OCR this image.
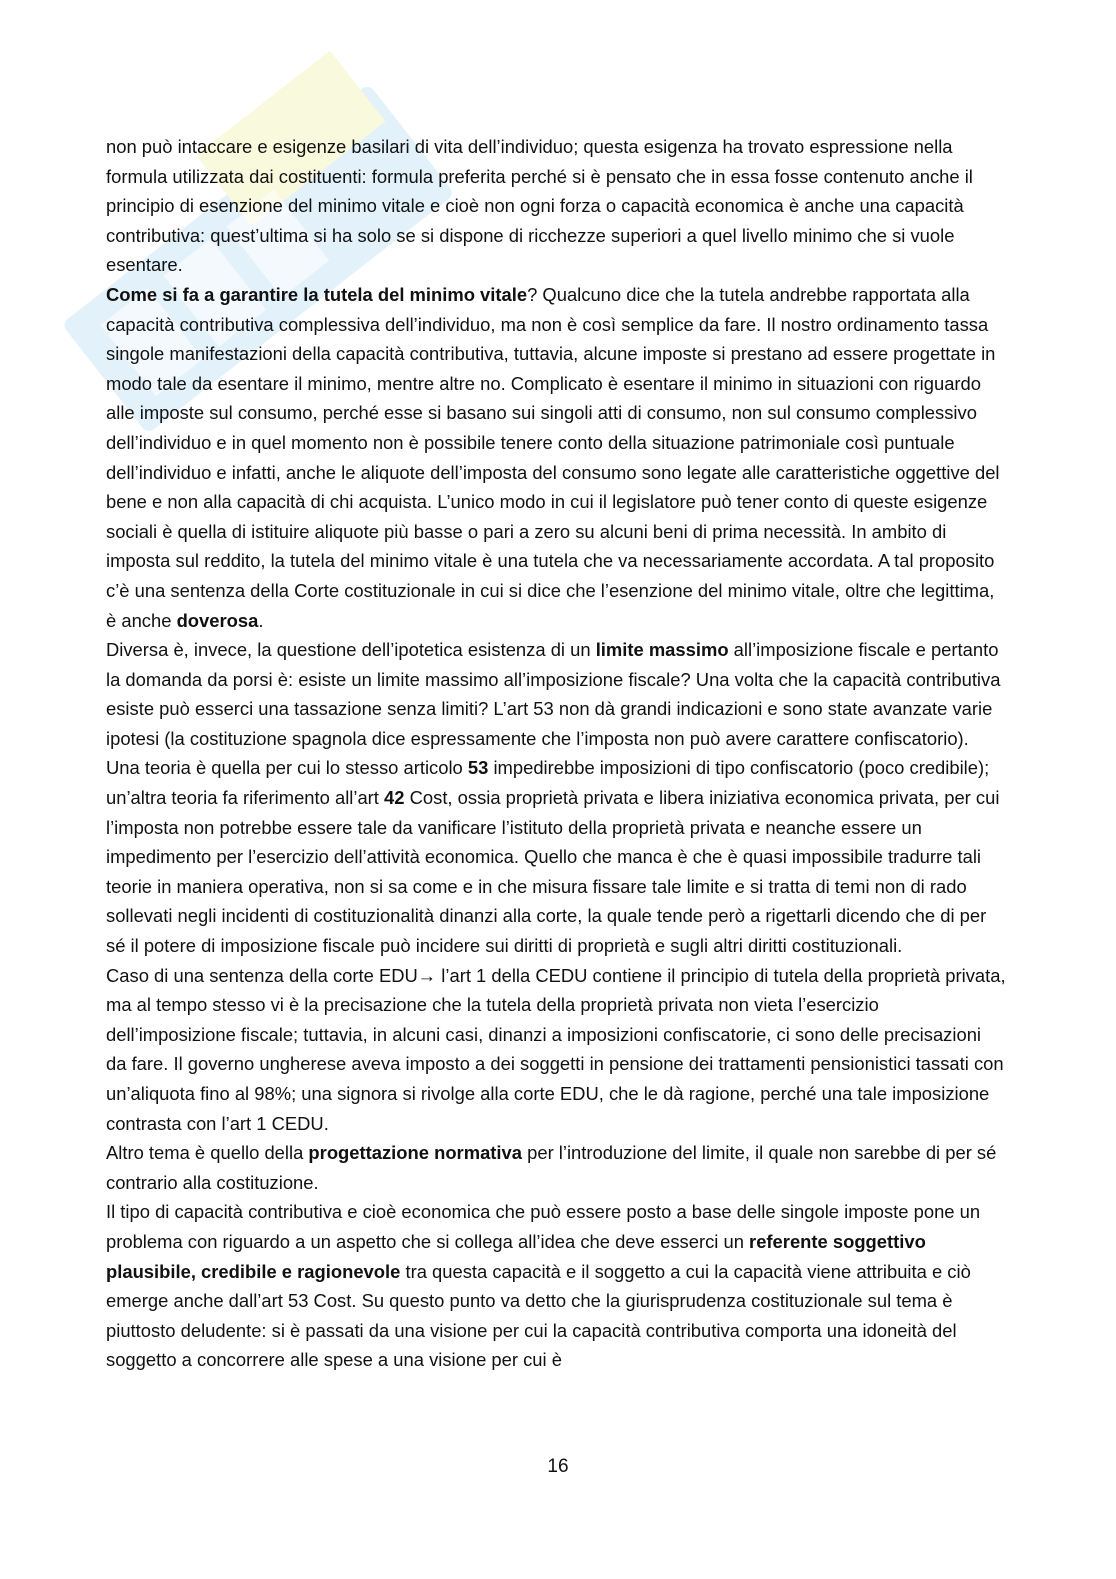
non può intaccare e esigenze basilari di vita dell’individuo; questa esigenza ha trovato espressione nella formula utilizzata dai costituenti: formula preferita perché si è pensato che in essa fosse contenuto anche il principio di esenzione del minimo vitale e cioè non ogni forza o capacità economica è anche una capacità contributiva: quest’ultima si ha solo se si dispone di ricchezze superiori a quel livello minimo che si vuole esentare.

Come si fa a garantire la tutela del minimo vitale? Qualcuno dice che la tutela andrebbe rapportata alla capacità contributiva complessiva dell’individuo, ma non è così semplice da fare. Il nostro ordinamento tassa singole manifestazioni della capacità contributiva, tuttavia, alcune imposte si prestano ad essere progettate in modo tale da esentare il minimo, mentre altre no. Complicato è esentare il minimo in situazioni con riguardo alle imposte sul consumo, perché esse si basano sui singoli atti di consumo, non sul consumo complessivo dell’individuo e in quel momento non è possibile tenere conto della situazione patrimoniale così puntuale dell’individuo e infatti, anche le aliquote dell’imposta del consumo sono legate alle caratteristiche oggettive del bene e non alla capacità di chi acquista. L’unico modo in cui il legislatore può tener conto di queste esigenze sociali è quella di istituire aliquote più basse o pari a zero su alcuni beni di prima necessità. In ambito di imposta sul reddito, la tutela del minimo vitale è una tutela che va necessariamente accordata. A tal proposito c’è una sentenza della Corte costituzionale in cui si dice che l’esenzione del minimo vitale, oltre che legittima, è anche doverosa.

Diversa è, invece, la questione dell’ipotetica esistenza di un limite massimo all’imposizione fiscale e pertanto la domanda da porsi è: esiste un limite massimo all’imposizione fiscale? Una volta che la capacità contributiva esiste può esserci una tassazione senza limiti? L’art 53 non dà grandi indicazioni e sono state avanzate varie ipotesi (la costituzione spagnola dice espressamente che l’imposta non può avere carattere confiscatorio).

Una teoria è quella per cui lo stesso articolo 53 impedirebbe imposizioni di tipo confiscatorio (poco credibile); un’altra teoria fa riferimento all’art 42 Cost, ossia proprietà privata e libera iniziativa economica privata, per cui l’imposta non potrebbe essere tale da vanificare l’istituto della proprietà privata e neanche essere un impedimento per l’esercizio dell’attività economica. Quello che manca è che è quasi impossibile tradurre tali teorie in maniera operativa, non si sa come e in che misura fissare tale limite e si tratta di temi non di rado sollevati negli incidenti di costituzionalità dinanzi alla corte, la quale tende però a rigettarli dicendo che di per sé il potere di imposizione fiscale può incidere sui diritti di proprietà e sugli altri diritti costituzionali.

Caso di una sentenza della corte EDU→ l’art 1 della CEDU contiene il principio di tutela della proprietà privata, ma al tempo stesso vi è la precisazione che la tutela della proprietà privata non vieta l’esercizio dell’imposizione fiscale; tuttavia, in alcuni casi, dinanzi a imposizioni confiscatorie, ci sono delle precisazioni da fare. Il governo ungherese aveva imposto a dei soggetti in pensione dei trattamenti pensionistici tassati con un’aliquota fino al 98%; una signora si rivolge alla corte EDU, che le dà ragione, perché una tale imposizione contrasta con l’art 1 CEDU.

Altro tema è quello della progettazione normativa per l’introduzione del limite, il quale non sarebbe di per sé contrario alla costituzione.

Il tipo di capacità contributiva e cioè economica che può essere posto a base delle singole imposte pone un problema con riguardo a un aspetto che si collega all’idea che deve esserci un referente soggettivo plausibile, credibile e ragionevole tra questa capacità e il soggetto a cui la capacità viene attribuita e ciò emerge anche dall’art 53 Cost. Su questo punto va detto che la giurisprudenza costituzionale sul tema è piuttosto deludente: si è passati da una visione per cui la capacità contributiva comporta una idoneità del soggetto a concorrere alle spese a una visione per cui è

16
